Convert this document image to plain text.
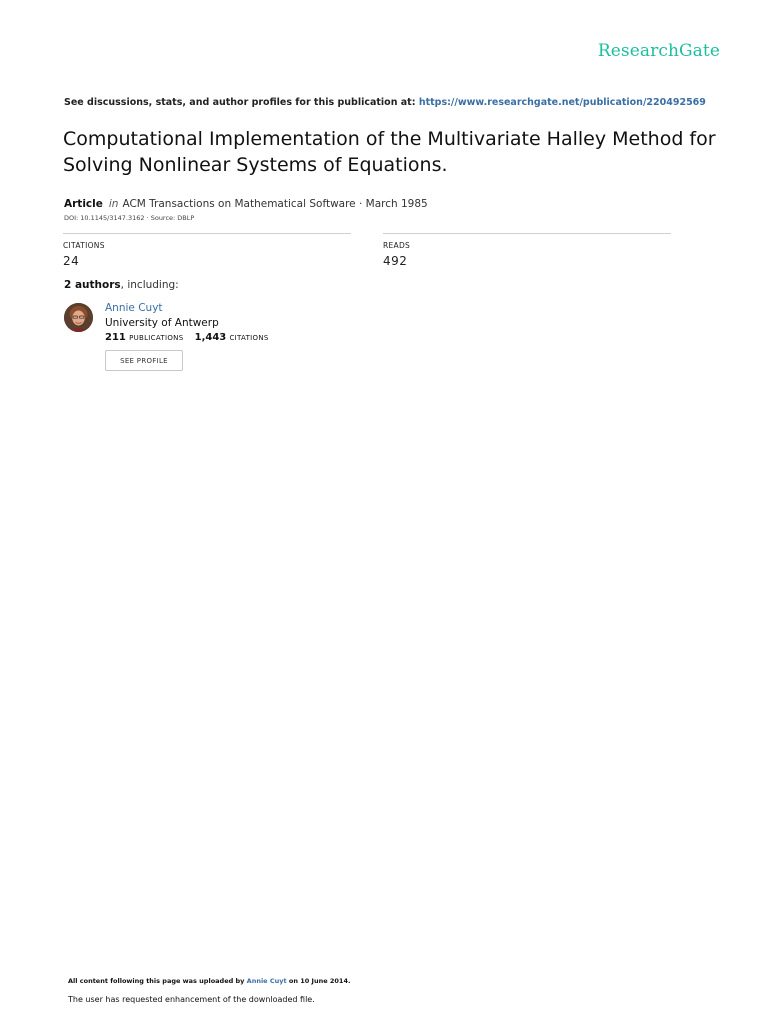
ResearchGate
See discussions, stats, and author profiles for this publication at: https://www.researchgate.net/publication/220492569
Computational Implementation of the Multivariate Halley Method for Solving Nonlinear Systems of Equations.
Article in ACM Transactions on Mathematical Software · March 1985
DOI: 10.1145/3147.3162 · Source: DBLP
CITATIONS
24
READS
492
2 authors, including:
Annie Cuyt
University of Antwerp
211 PUBLICATIONS 1,443 CITATIONS
SEE PROFILE
All content following this page was uploaded by Annie Cuyt on 10 June 2014.
The user has requested enhancement of the downloaded file.
